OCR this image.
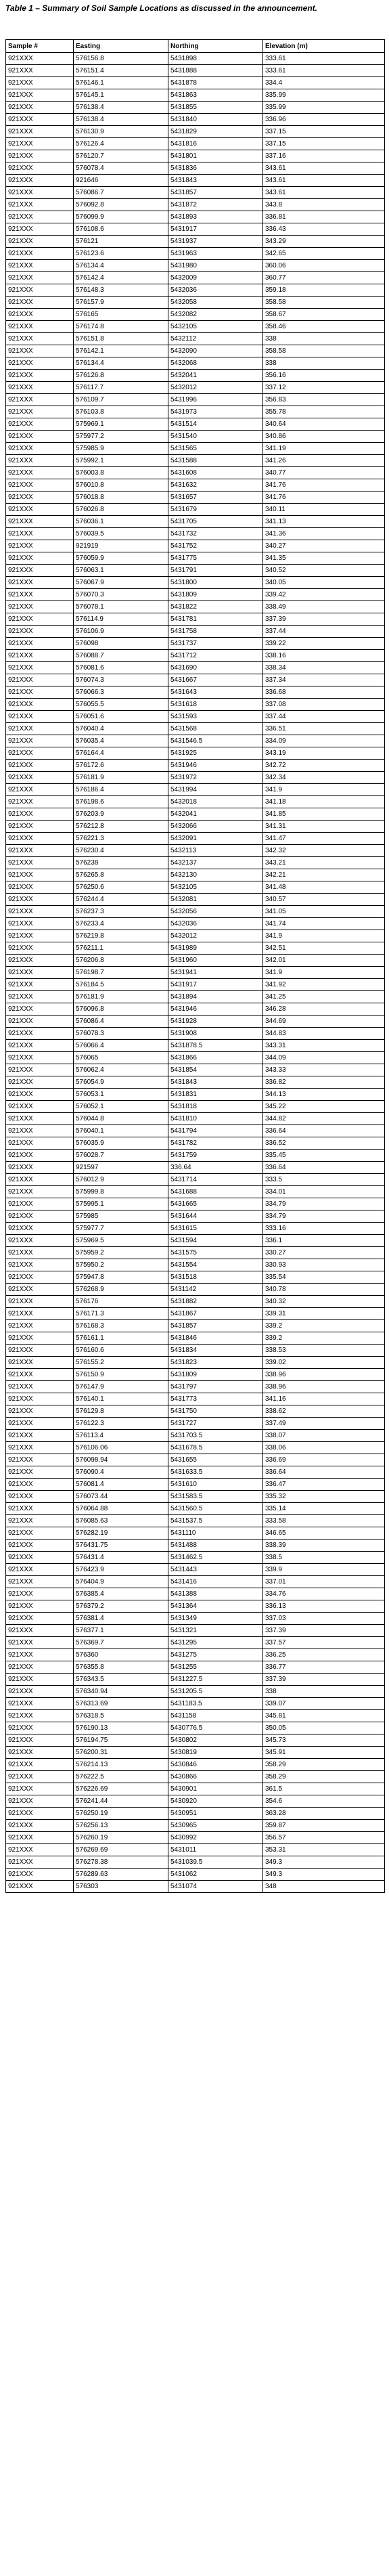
Table 1 – Summary of Soil Sample Locations as discussed in the announcement.
Sample #	Easting	Northing	Elevation (m)
921XXX	576156.8	5431898	333.61
921XXX	576151.4	5431888	333.61
921XXX	576146.1	5431878	334.4
921XXX	576145.1	5431863	335.99
921XXX	576138.4	5431855	335.99
921XXX	576138.4	5431840	336.96
921XXX	576130.9	5431829	337.15
921XXX	576126.4	5431816	337.15
921XXX	576120.7	5431801	337.16
921XXX	576078.4	5431836	343.61
921XXX	921646	5431843	343.61
921XXX	576086.7	5431857	343.61
921XXX	576092.8	5431872	343.8
921XXX	576099.9	5431893	336.81
921XXX	576108.6	5431917	336.43
921XXX	576121	5431937	343.29
921XXX	576123.6	5431963	342.65
921XXX	576134.4	5431980	360.06
921XXX	576142.4	5432009	360.77
921XXX	576148.3	5432036	359.18
921XXX	576157.9	5432058	358.58
921XXX	576165	5432082	358.67
921XXX	576174.8	5432105	358.46
921XXX	576151.8	5432112	338
921XXX	576142.1	5432090	358.58
921XXX	576134.4	5432068	338
921XXX	576126.8	5432041	356.16
921XXX	576117.7	5432012	337.12
921XXX	576109.7	5431996	356.83
921XXX	576103.8	5431973	355.78
921XXX	575969.1	5431514	340.64
921XXX	575977.2	5431540	340.86
921XXX	575985.9	5431565	341.19
921XXX	575992.1	5431588	341.26
921XXX	576003.8	5431608	340.77
921XXX	576010.8	5431632	341.76
921XXX	576018.8	5431657	341.76
921XXX	576026.8	5431679	340.11
921XXX	576036.1	5431705	341.13
921XXX	576039.5	5431732	341.36
921XXX	921919	5431752	340.27
921XXX	576059.9	5431775	341.35
921XXX	576063.1	5431791	340.52
921XXX	576067.9	5431800	340.05
921XXX	576070.3	5431809	339.42
921XXX	576078.1	5431822	338.49
921XXX	576114.9	5431781	337.39
921XXX	576106.9	5431758	337.44
921XXX	576098	5431737	339.22
921XXX	576088.7	5431712	338.16
921XXX	576081.6	5431690	338.34
921XXX	576074.3	5431667	337.34
921XXX	576066.3	5431643	336.68
921XXX	576055.5	5431618	337.08
921XXX	576051.6	5431593	337.44
921XXX	576040.4	5431568	336.51
921XXX	576035.4	5431546.5	334.09
921XXX	576164.4	5431925	343.19
921XXX	576172.6	5431946	342.72
921XXX	576181.9	5431972	342.34
921XXX	576186.4	5431994	341.9
921XXX	576198.6	5432018	341.18
921XXX	576203.9	5432041	341.85
921XXX	576212.8	5432066	341.31
921XXX	576221.3	5432091	341.47
921XXX	576230.4	5432113	342.32
921XXX	576238	5432137	343.21
921XXX	576265.8	5432130	342.21
921XXX	576250.6	5432105	341.48
921XXX	576244.4	5432081	340.57
921XXX	576237.3	5432056	341.05
921XXX	576233.4	5432036	341.74
921XXX	576219.8	5432012	341.9
921XXX	576211.1	5431989	342.51
921XXX	576206.8	5431960	342.01
921XXX	576198.7	5431941	341.9
921XXX	576184.5	5431917	341.92
921XXX	576181.9	5431894	341.25
921XXX	576096.8	5431946	346.28
921XXX	576086.4	5431928	344.69
921XXX	576078.3	5431908	344.83
921XXX	576066.4	5431878.5	343.31
921XXX	576065	5431866	344.09
921XXX	576062.4	5431854	343.33
921XXX	576054.9	5431843	336.82
921XXX	576053.1	5431831	344.13
921XXX	576052.1	5431818	345.22
921XXX	576044.8	5431810	344.82
921XXX	576040.1	5431794	336.64
921XXX	576035.9	5431782	336.52
921XXX	576028.7	5431759	335.45
921XXX	921597	336.64	336.64
921XXX	576012.9	5431714	333.5
921XXX	575999.8	5431688	334.01
921XXX	575995.1	5431665	334.79
921XXX	575985	5431644	334.79
921XXX	575977.7	5431615	333.16
921XXX	575969.5	5431594	336.1
921XXX	575959.2	5431575	330.27
921XXX	575950.2	5431554	330.93
921XXX	575947.8	5431518	335.54
921XXX	576268.9	5431142	340.78
921XXX	576176	5431882	340.32
921XXX	576171.3	5431867	339.31
921XXX	576168.3	5431857	339.2
921XXX	576161.1	5431846	339.2
921XXX	576160.6	5431834	338.53
921XXX	576155.2	5431823	339.02
921XXX	576150.9	5431809	338.96
921XXX	576147.9	5431797	338.96
921XXX	576140.1	5431773	341.16
921XXX	576129.8	5431750	338.62
921XXX	576122.3	5431727	337.49
921XXX	576113.4	5431703.5	338.07
921XXX	576106.06	5431678.5	338.06
921XXX	576098.94	5431655	336.69
921XXX	576090.4	5431633.5	336.64
921XXX	576081.4	5431610	336.47
921XXX	576073.44	5431583.5	335.32
921XXX	576064.88	5431560.5	335.14
921XXX	576085.63	5431537.5	333.58
921XXX	576282.19	5431110	346.65
921XXX	576431.75	5431488	338.39
921XXX	576431.4	5431462.5	338.5
921XXX	576423.9	5431443	339.9
921XXX	576404.9	5431416	337.01
921XXX	576385.4	5431388	334.76
921XXX	576379.2	5431364	336.13
921XXX	576381.4	5431349	337.03
921XXX	576377.1	5431321	337.39
921XXX	576369.7	5431295	337.57
921XXX	576360	5431275	336.25
921XXX	576355.8	5431255	336.77
921XXX	576343.5	5431227.5	337.39
921XXX	576340.94	5431205.5	338
921XXX	576313.69	5431183.5	339.07
921XXX	576318.5	5431158	345.81
921XXX	576190.13	5430776.5	350.05
921XXX	576194.75	5430802	345.73
921XXX	576200.31	5430819	345.91
921XXX	576214.13	5430846	358.29
921XXX	576222.5	5430866	358.29
921XXX	576226.69	5430901	361.5
921XXX	576241.44	5430920	354.6
921XXX	576250.19	5430951	363.28
921XXX	576256.13	5430965	359.87
921XXX	576260.19	5430992	356.57
921XXX	576269.69	5431011	353.31
921XXX	576278.38	5431039.5	349.3
921XXX	576289.63	5431062	349.3
921XXX	576303	5431074	348
